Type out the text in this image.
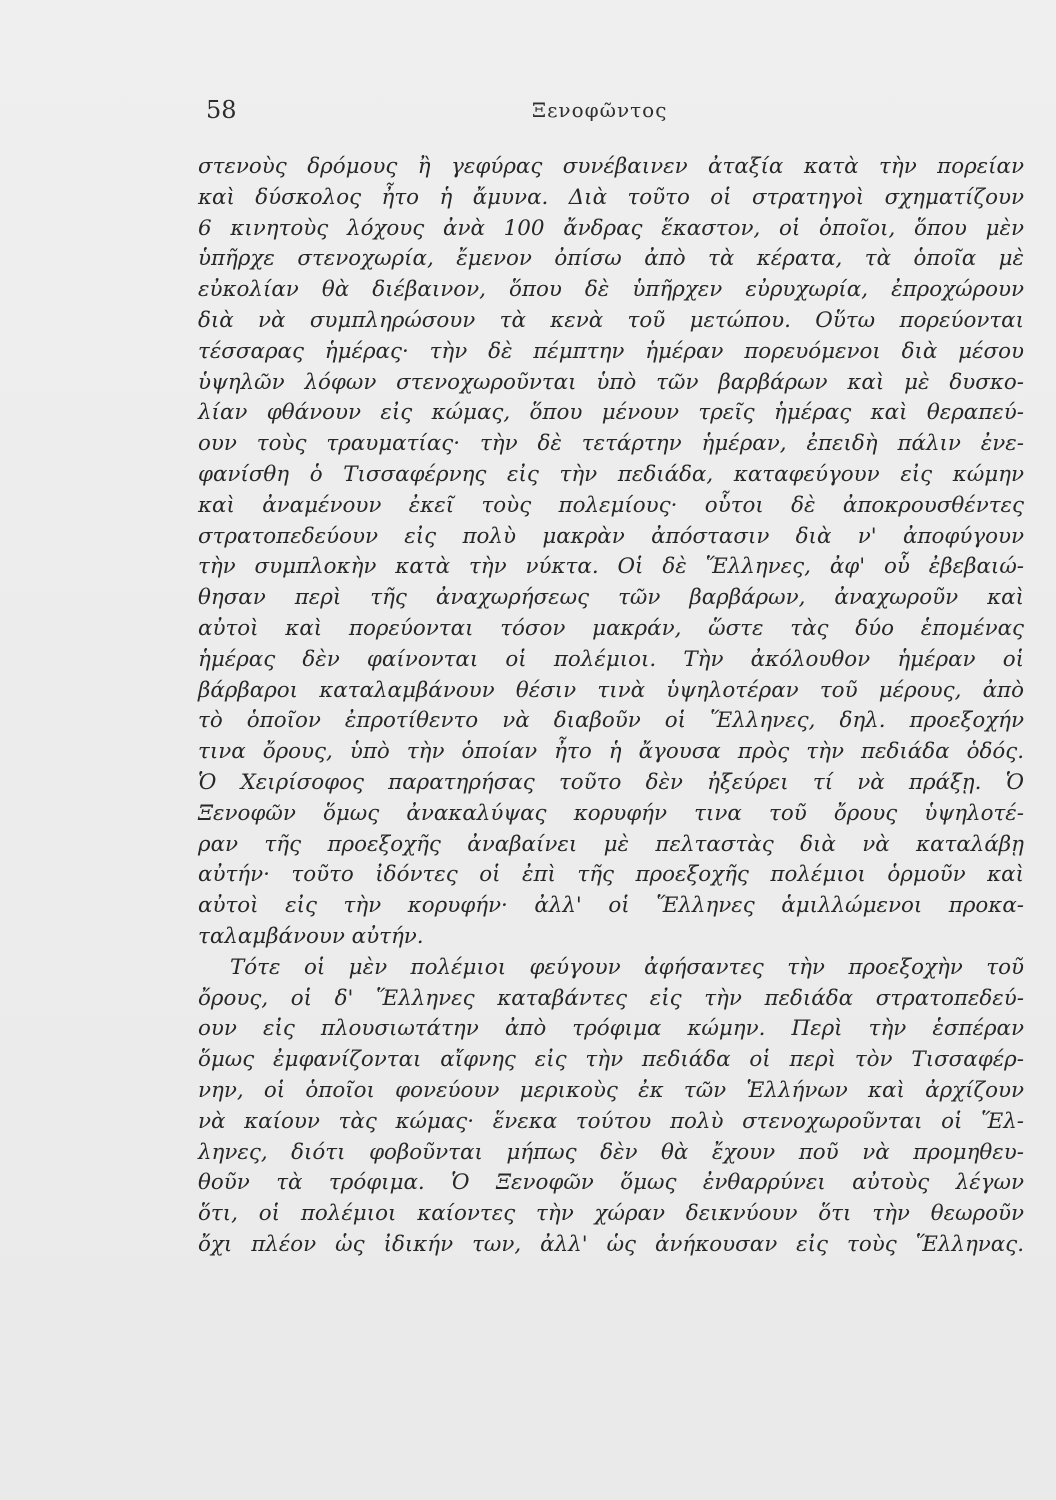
58	Ξενοφῶντος
στενοὺς δρόμους ἢ γεφύρας συνέβαινεν ἀταξία κατὰ τὴν πορείαν
καὶ δύσκολος ἦτο ἡ ἄμυνα. Διὰ τοῦτο οἱ στρατηγοὶ σχηματίζουν
6 κινητοὺς λόχους ἀνὰ 100 ἄνδρας ἕκαστον, οἱ ὁποῖοι, ὅπου μὲν
ὑπῆρχε στενοχωρία, ἔμενον ὀπίσω ἀπὸ τὰ κέρατα, τὰ ὁποῖα μὲ
εὐκολίαν θὰ διέβαινον, ὅπου δὲ ὑπῆρχεν εὐρυχωρία, ἐπροχώρουν
διὰ νὰ συμπληρώσουν τὰ κενὰ τοῦ μετώπου. Οὕτω πορεύονται
τέσσαρας ἡμέρας· τὴν δὲ πέμπτην ἡμέραν πορευόμενοι διὰ μέσου
ὑψηλῶν λόφων στενοχωροῦνται ὑπὸ τῶν βαρβάρων καὶ μὲ δυσκο-
λίαν φθάνουν εἰς κώμας, ὅπου μένουν τρεῖς ἡμέρας καὶ θεραπεύ-
ουν τοὺς τραυματίας· τὴν δὲ τετάρτην ἡμέραν, ἐπειδὴ πάλιν ἐνε-
φανίσθη ὁ Τισσαφέρνης εἰς τὴν πεδιάδα, καταφεύγουν εἰς κώμην
καὶ ἀναμένουν ἐκεῖ τοὺς πολεμίους· οὗτοι δὲ ἀποκρουσθέντες
στρατοπεδεύουν εἰς πολὺ μακρὰν ἀπόστασιν διὰ ν' ἀποφύγουν
τὴν συμπλοκὴν κατὰ τὴν νύκτα. Οἱ δὲ Ἕλληνες, ἀφ' οὗ ἐβεβαιώ-
θησαν περὶ τῆς ἀναχωρήσεως τῶν βαρβάρων, ἀναχωροῦν καὶ
αὐτοὶ καὶ πορεύονται τόσον μακράν, ὥστε τὰς δύο ἑπομένας
ἡμέρας δὲν φαίνονται οἱ πολέμιοι. Τὴν ἀκόλουθον ἡμέραν οἱ
βάρβαροι καταλαμβάνουν θέσιν τινὰ ὑψηλοτέραν τοῦ μέρους, ἀπὸ
τὸ ὁποῖον ἐπροτίθεντο νὰ διαβοῦν οἱ Ἕλληνες, δηλ. προεξοχήν
τινα ὄρους, ὑπὸ τὴν ὁποίαν ἦτο ἡ ἄγουσα πρὸς τὴν πεδιάδα ὁδός.
Ὁ Χειρίσοφος παρατηρήσας τοῦτο δὲν ἠξεύρει τί νὰ πράξῃ. Ὁ
Ξενοφῶν ὅμως ἀνακαλύψας κορυφήν τινα τοῦ ὄρους ὑψηλοτέ-
ραν τῆς προεξοχῆς ἀναβαίνει μὲ πελταστὰς διὰ νὰ καταλάβῃ
αὐτήν· τοῦτο ἰδόντες οἱ ἐπὶ τῆς προεξοχῆς πολέμιοι ὁρμοῦν καὶ
αὐτοὶ εἰς τὴν κορυφήν· ἀλλ' οἱ Ἕλληνες ἁμιλλώμενοι προκα-
ταλαμβάνουν αὐτήν.
Τότε οἱ μὲν πολέμιοι φεύγουν ἀφήσαντες τὴν προεξοχὴν τοῦ
ὄρους, οἱ δ' Ἕλληνες καταβάντες εἰς τὴν πεδιάδα στρατοπεδεύ-
ουν εἰς πλουσιωτάτην ἀπὸ τρόφιμα κώμην. Περὶ τὴν ἑσπέραν
ὅμως ἐμφανίζονται αἴφνης εἰς τὴν πεδιάδα οἱ περὶ τὸν Τισσαφέρ-
νην, οἱ ὁποῖοι φονεύουν μερικοὺς ἐκ τῶν Ἑλλήνων καὶ ἀρχίζουν
νὰ καίουν τὰς κώμας· ἕνεκα τούτου πολὺ στενοχωροῦνται οἱ Ἕλ-
ληνες, διότι φοβοῦνται μήπως δὲν θὰ ἔχουν ποῦ νὰ προμηθευ-
θοῦν τὰ τρόφιμα. Ὁ Ξενοφῶν ὅμως ἐνθαρρύνει αὐτοὺς λέγων
ὅτι, οἱ πολέμιοι καίοντες τὴν χώραν δεικνύουν ὅτι τὴν θεωροῦν
ὄχι πλέον ὡς ἰδικήν των, ἀλλ' ὡς ἀνήκουσαν εἰς τοὺς Ἕλληνας.
